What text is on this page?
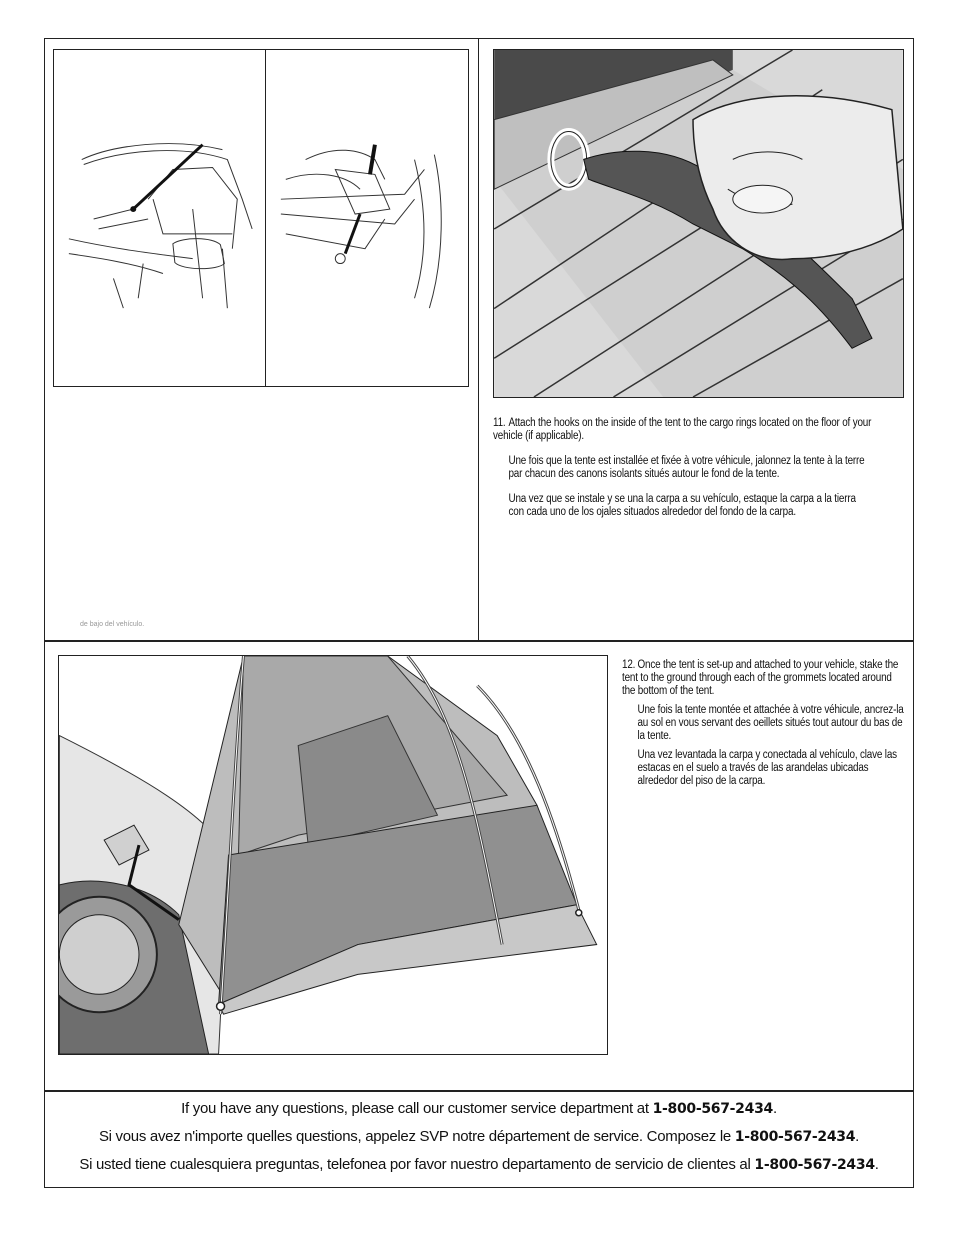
de bajo del vehículo.

11. Attach the hooks on the inside of the tent to the cargo rings located on the floor of your vehicle (if applicable).

Une fois que la tente est installée et fixée à votre véhicule, jalonnez la tente à la terre par chacun des canons isolants situés autour le fond de la tente.

Una vez que se instale y se una la carpa a su vehículo, estaque la carpa a la tierra con cada uno de los ojales situados alrededor del fondo de la carpa.

12. Once the tent is set-up and attached to your vehicle, stake the tent to the ground through each of the grommets located around the bottom of the tent.

Une fois la tente montée et attachée à votre véhicule, ancrez-la au sol en vous servant des oeillets situés tout autour du bas de la tente.

Una vez levantada la carpa y conectada al vehículo, clave las estacas en el suelo a través de las arandelas ubicadas alrededor del piso de la carpa.

If you have any questions, please call our customer service department at 1-800-567-2434.
Si vous avez n'importe quelles questions, appelez SVP notre département de service. Composez le 1-800-567-2434.
Si usted tiene cualesquiera preguntas, telefonea por favor nuestro departamento de servicio de clientes al 1-800-567-2434.
